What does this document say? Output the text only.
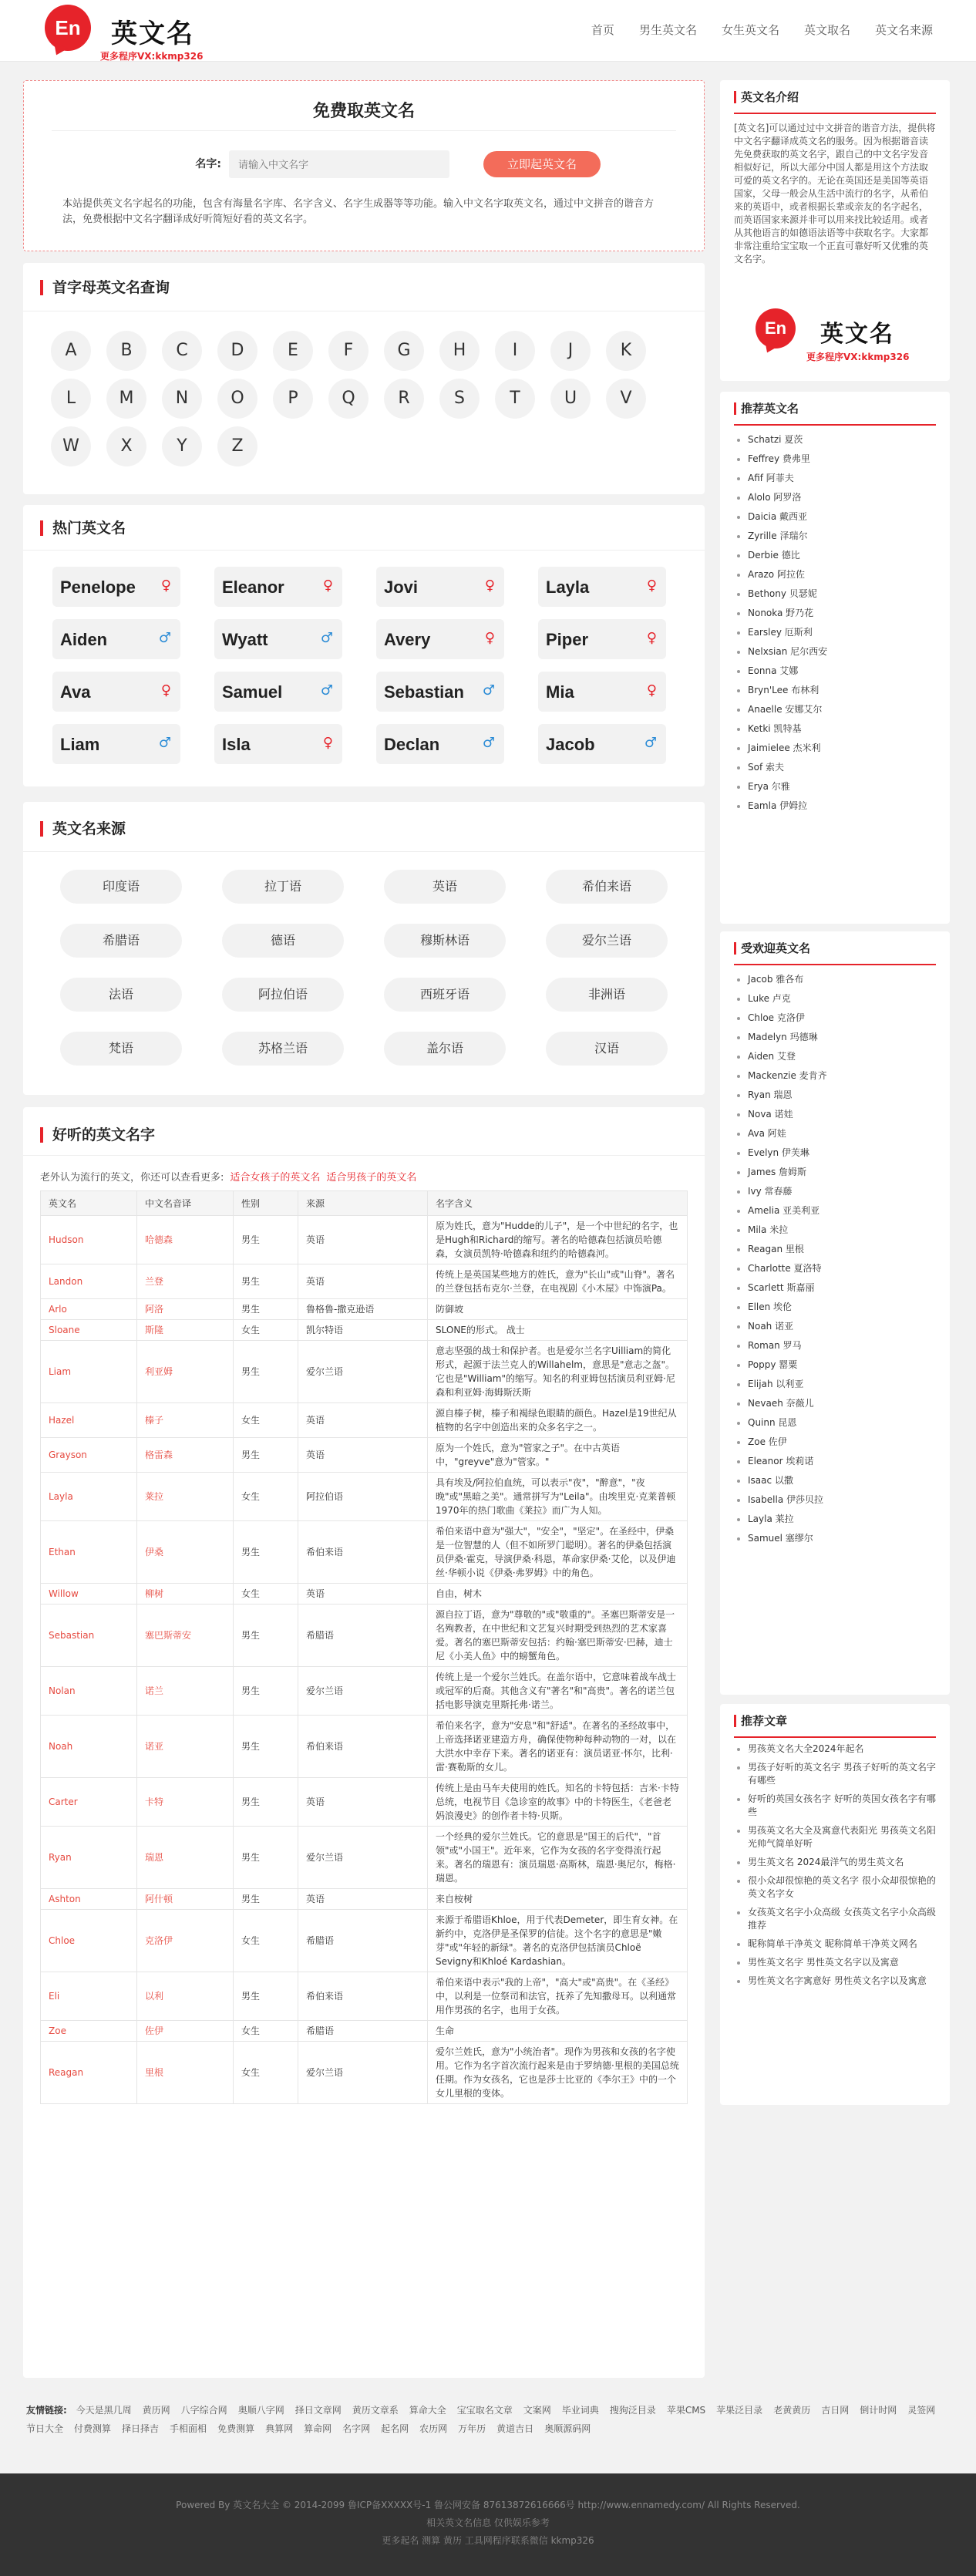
En	英文名
更多程序VX:kkmp326
首页 男生英文名 女生英文名 英文取名 英文名来源
免费取英文名
名字:
请输入中文名字	立即起英文名
本站提供英文名字起名的功能，包含有海量名字库、名字含义、名字生成器等等功能。输入中文名字取英文名，通过中文拼音的谐音方法，免费根据中文名字翻译成好听简短好看的英文名字。
首字母英文名查询
A	B	C	D	E	F	G	H	I	J	K
L	M	N	O	P	Q	R	S	T	U	V
W	X	Y	Z
热门英文名
Penelope ♀	Eleanor	♀	Jovi	♀	Layla	♀
Aiden	♂	Wyatt	♂	Avery	♀	Piper	♀
Ava	♀	Samuel	♂	Sebastian ♂	Mia	♀
Liam	♂	Isla	♀	Declan	♂	Jacob	♂
英文名来源
印度语	拉丁语	英语	希伯来语
希腊语	德语	穆斯林语	爱尔兰语
法语	阿拉伯语	西班牙语	非洲语
梵语	苏格兰语	盖尔语	汉语
好听的英文名字
老外认为流行的英文，你还可以查看更多: 适合女孩子的英文名 适合男孩子的英文名
英文名	中文名音译	性别	来源	名字含义
Hudson	哈德森	男生	英语	原为姓氏，意为"Hudde的儿子"，是一个中世纪的名字，也是Hugh和Richard的缩写。著名的哈德森包括演员哈德森，女演员凯特·哈德森和纽约的哈德森河。
Landon	兰登	男生	英语	传统上是英国某些地方的姓氏，意为"长山"或"山脊"。著名的兰登包括布克尔·兰登，在电视剧《小木屋》中饰演Pa。
Arlo	阿洛	男生	鲁格鲁-撒克逊语	防御坡
Sloane	斯隆	女生	凯尔特语	SLONE的形式。 战士
Liam	利亚姆	男生	爱尔兰语	意志坚强的战士和保护者。也是爱尔兰名字Uilliam的简化形式，起源于法兰克人的Willahelm，意思是"意志之盔"。它也是"William"的缩写。知名的利亚姆包括演员利亚姆·尼森和利亚姆·海姆斯沃斯
Hazel	榛子	女生	英语	源自榛子树，榛子和褐绿色眼睛的颜色。Hazel是19世纪从植物的名字中创造出来的众多名字之一。
Grayson	格雷森	男生	英语	原为一个姓氏，意为"管家之子"。在中古英语中，"greyve"意为"管家。"
Layla	莱拉	女生	阿拉伯语	具有埃及/阿拉伯血统，可以表示"夜"，"醉意"，"夜晚"或"黑暗之美"。通常拼写为"Leila"。由埃里克·克莱普顿1970年的热门歌曲《莱拉》而广为人知。
Ethan	伊桑	男生	希伯来语	希伯来语中意为"强大"，"安全"，"坚定"。在圣经中，伊桑是一位智慧的人（但不如所罗门聪明）。著名的伊桑包括演员伊桑·霍克，导演伊桑·科恩，革命家伊桑·艾伦，以及伊迪丝·华顿小说《伊桑·弗罗姆》中的角色。
Willow	柳树	女生	英语	自由，树木
Sebastian	塞巴斯蒂安	男生	希腊语	源自拉丁语，意为"尊敬的"或"敬重的"。圣塞巴斯蒂安是一名殉教者，在中世纪和文艺复兴时期受到热烈的艺术家喜爱。著名的塞巴斯蒂安包括：约翰·塞巴斯蒂安·巴赫，迪士尼《小美人鱼》中的螃蟹角色。
Nolan	诺兰	男生	爱尔兰语	传统上是一个爱尔兰姓氏。在盖尔语中，它意味着战车战士或冠军的后裔。其他含义有"著名"和"高贵"。著名的诺兰包括电影导演克里斯托弗·诺兰。
Noah	诺亚	男生	希伯来语	希伯来名字，意为"安息"和"舒适"。在著名的圣经故事中，上帝选择诺亚建造方舟，确保使物种每种动物的一对，以在大洪水中幸存下来。著名的诺亚有：演员诺亚·怀尔，比利·雷·赛勒斯的女儿。
Carter	卡特	男生	英语	传统上是由马车夫使用的姓氏。知名的卡特包括：吉米·卡特总统，电视节目《急诊室的故事》中的卡特医生，《老爸老妈浪漫史》的创作者卡特·贝斯。
Ryan	瑞恩	男生	爱尔兰语	一个经典的爱尔兰姓氏。它的意思是"国王的后代"，"首领"或"小国王"。近年来，它作为女孩的名字变得流行起来。著名的瑞恩有：演员瑞恩·高斯林，瑞恩·奥尼尔，梅格·瑞恩。
Ashton	阿什顿	男生	英语	来自桉树
Chloe	克洛伊	女生	希腊语	来源于希腊语Khloe，用于代表Demeter，即生育女神。在新约中，克洛伊是圣保罗的信徒。这个名字的意思是"嫩芽"或"年轻的新绿"。著名的克洛伊包括演员Chloë Sevigny和Khloé Kardashian。
Eli	以利	男生	希伯来语	希伯来语中表示"我的上帝"，"高大"或"高贵"。在《圣经》中，以利是一位祭司和法官，抚养了先知撒母耳。以利通常用作男孩的名字，也用于女孩。
Zoe	佐伊	女生	希腊语	生命
Reagan	里根	女生	爱尔兰语	爱尔兰姓氏，意为"小统治者"。现作为男孩和女孩的名字使用。它作为名字首次流行起来是由于罗纳德·里根的美国总统任期。作为女孩名，它也是莎士比亚的《李尔王》中的一个女儿里根的变体。
英文名介绍
[英文名]可以通过过中文拼音的谐音方法，提供将中文名字翻译成英文名的服务。因为根据谐音读先免费获取的英文名字，跟自己的中文名字发音相似好记，所以大部分中国人都是用这个方法取可爱的英文名字的。无论在英国还是美国等英语国家，父母一般会从生活中流行的名字，从希伯来的英语中，或者根据长辈或亲友的名字起名，而英语国家来源并非可以用来找比较适用。或者从其他语言的如德语法语等中获取名字。大家都非常注重给宝宝取一个正直可靠好听又优雅的英文名字。
En	英文名
更多程序VX:kkmp326
推荐英文名
Schatzi 夏茨
Feffrey 费弗里
Afif 阿菲夫
Alolo 阿罗洛
Daicia 戴西亚
Zyrille 泽瑞尔
Derbie 德比
Arazo 阿拉佐
Bethony 贝瑟妮
Nonoka 野乃花
Earsley 厄斯利
Nelxsian 尼尔西安
Eonna 艾娜
Bryn'Lee 布林利
Anaelle 安娜艾尔
Ketki 凯特基
Jaimielee 杰米利
Sof 索夫
Erya 尔雅
Eamla 伊姆拉
受欢迎英文名
Jacob 雅各布
Luke 卢克
Chloe 克洛伊
Madelyn 玛德琳
Aiden 艾登
Mackenzie 麦肯齐
Ryan 瑞恩
Nova 诺娃
Ava 阿娃
Evelyn 伊芙琳
James 詹姆斯
Ivy 常春藤
Amelia 亚美利亚
Mila 米拉
Reagan 里根
Charlotte 夏洛特
Scarlett 斯嘉丽
Ellen 埃伦
Noah 诺亚
Roman 罗马
Poppy 罂粟
Elijah 以利亚
Nevaeh 奈薇儿
Quinn 昆恩
Zoe 佐伊
Eleanor 埃莉诺
Isaac 以撒
Isabella 伊莎贝拉
Layla 莱拉
Samuel 塞缪尔
推荐文章
男孩英文名大全2024年起名
男孩子好听的英文名字 男孩子好听的英文名字有哪些
好听的英国女孩名字 好听的英国女孩名字有哪些
男孩英文名大全及寓意代表阳光 男孩英文名阳光帅气简单好听
男生英文名 2024最洋气的男生英文名
很小众却很惊艳的英文名字 很小众却很惊艳的英文名字女
女孩英文名字小众高级 女孩英文名字小众高级推荐
昵称简单干净英文 昵称简单干净英文网名
男性英文名字 男性英文名字以及寓意
男性英文名字寓意好 男性英文名字以及寓意
友情链接: 今天是黑几周 黄历网 八字综合网 奥顺八字网 择日文章网 黄历文章系 算命大全 宝宝取名文章 文案网 毕业词典 搜狗泛目录 苹果CMS 苹果泛目录 老黄黄历 吉日网 倒计时网 灵签网节日大全 付费测算 择日择吉 手相面相 免费测算 典算网 算命网 名字网 起名网 农历网 万年历 黄道吉日 奥顺源码网
Powered By 英文名大全 © 2014-2099 鲁ICP备XXXXX号-1 鲁公网安备 87613872616666号 http://www.ennamedy.com/ All Rights Reserved.
相关英文名信息 仅供娱乐参考
更多起名 测算 黄历 工具网程序联系微信 kkmp326
